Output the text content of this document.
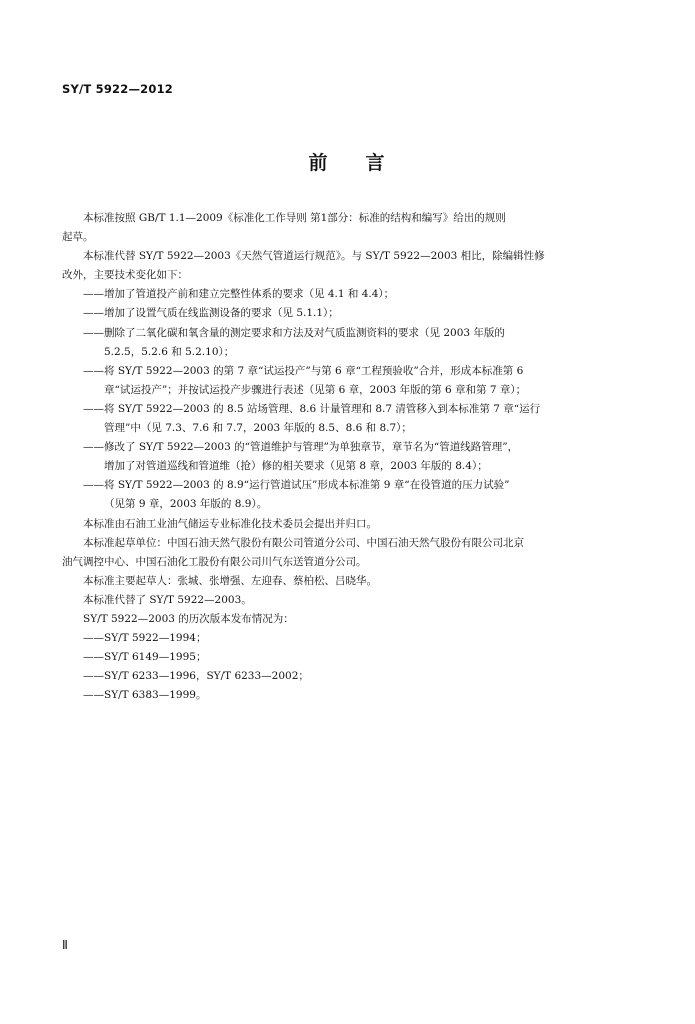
SY/T 5922—2012
前 言
本标准按照 GB/T 1.1—2009《标准化工作导则 第1部分：标准的结构和编写》给出的规则
起草。
本标准代替 SY/T 5922—2003《天然气管道运行规范》。与 SY/T 5922—2003 相比，除编辑性修
改外，主要技术变化如下：
——增加了管道投产前和建立完整性体系的要求（见 4.1 和 4.4）；
——增加了设置气质在线监测设备的要求（见 5.1.1）；
——删除了二氧化碳和氧含量的测定要求和方法及对气质监测资料的要求（见 2003 年版的
5.2.5，5.2.6 和 5.2.10）；
——将 SY/T 5922—2003 的第 7 章“试运投产”与第 6 章“工程预验收”合并，形成本标准第 6
章“试运投产”；并按试运投产步骤进行表述（见第 6 章，2003 年版的第 6 章和第 7 章）；
——将 SY/T 5922—2003 的 8.5 站场管理、8.6 计量管理和 8.7 清管移入到本标准第 7 章“运行
管理”中（见 7.3、7.6 和 7.7，2003 年版的 8.5、8.6 和 8.7）；
——修改了 SY/T 5922—2003 的“管道维护与管理”为单独章节，章节名为“管道线路管理”，
增加了对管道巡线和管道维（抢）修的相关要求（见第 8 章，2003 年版的 8.4）；
——将 SY/T 5922—2003 的 8.9“运行管道试压”形成本标准第 9 章“在役管道的压力试验”
（见第 9 章，2003 年版的 8.9）。
本标准由石油工业油气储运专业标准化技术委员会提出并归口。
本标准起草单位：中国石油天然气股份有限公司管道分公司、中国石油天然气股份有限公司北京
油气调控中心、中国石油化工股份有限公司川气东送管道分公司。
本标准主要起草人：张城、张增强、左迎春、蔡柏松、吕晓华。
本标准代替了 SY/T 5922—2003。
SY/T 5922—2003 的历次版本发布情况为：
——SY/T 5922—1994；
——SY/T 6149—1995；
——SY/T 6233—1996，SY/T 6233—2002；
——SY/T 6383—1999。
Ⅱ
